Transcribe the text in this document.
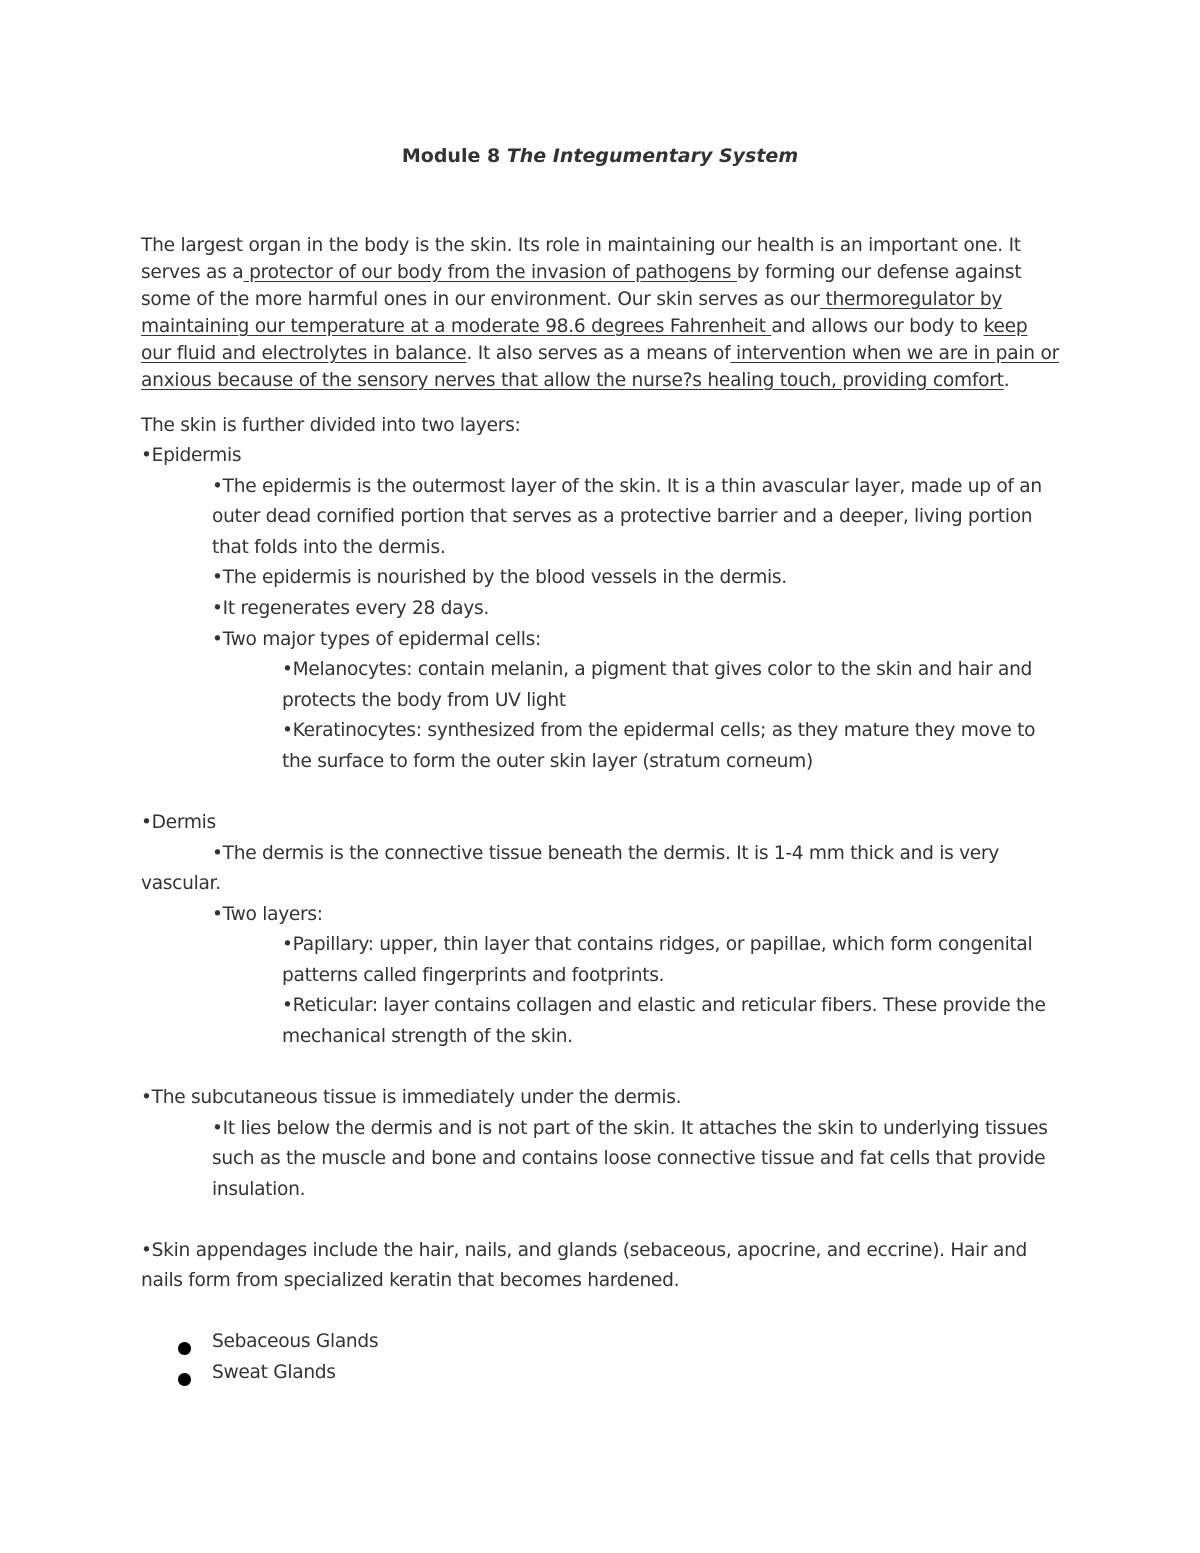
Module 8 The Integumentary System
The largest organ in the body is the skin. Its role in maintaining our health is an important one. It serves as a protector of our body from the invasion of pathogens by forming our defense against some of the more harmful ones in our environment. Our skin serves as our thermoregulator by maintaining our temperature at a moderate 98.6 degrees Fahrenheit and allows our body to keep our fluid and electrolytes in balance. It also serves as a means of intervention when we are in pain or anxious because of the sensory nerves that allow the nurse?s healing touch, providing comfort.
The skin is further divided into two layers:
•Epidermis
•The epidermis is the outermost layer of the skin. It is a thin avascular layer, made up of an
outer dead cornified portion that serves as a protective barrier and a deeper, living portion
that folds into the dermis.
•The epidermis is nourished by the blood vessels in the dermis.
•It regenerates every 28 days.
•Two major types of epidermal cells:
•Melanocytes: contain melanin, a pigment that gives color to the skin and hair and
protects the body from UV light
•Keratinocytes: synthesized from the epidermal cells; as they mature they move to
the surface to form the outer skin layer (stratum corneum)
•Dermis
•The dermis is the connective tissue beneath the dermis. It is 1-4 mm thick and is very
vascular.
•Two layers:
•Papillary: upper, thin layer that contains ridges, or papillae, which form congenital
patterns called fingerprints and footprints.
•Reticular: layer contains collagen and elastic and reticular fibers. These provide the
mechanical strength of the skin.
•The subcutaneous tissue is immediately under the dermis.
•It lies below the dermis and is not part of the skin. It attaches the skin to underlying tissues
such as the muscle and bone and contains loose connective tissue and fat cells that provide
insulation.
•Skin appendages include the hair, nails, and glands (sebaceous, apocrine, and eccrine). Hair and
nails form from specialized keratin that becomes hardened.
Sebaceous Glands
Sweat Glands
